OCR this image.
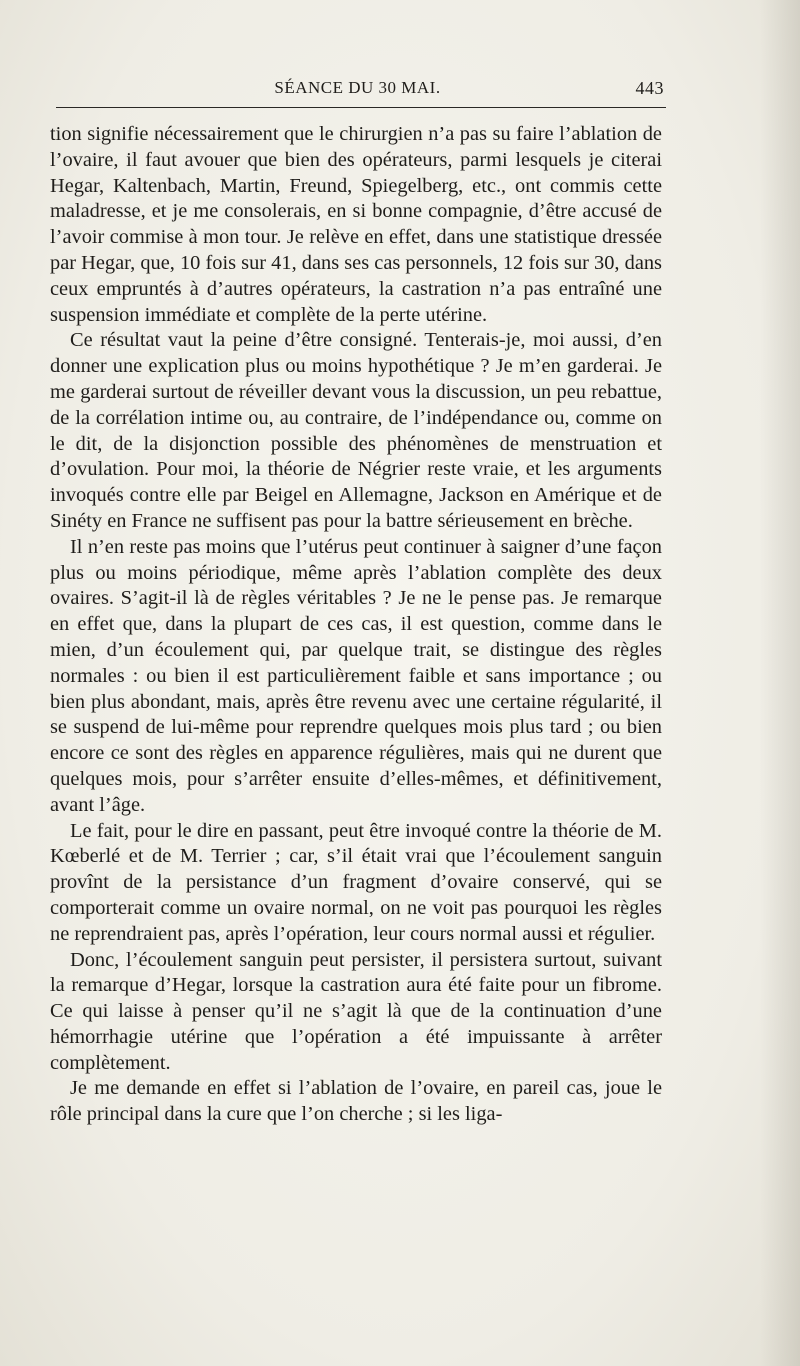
SÉANCE DU 30 MAI.	443

tion signifie nécessairement que le chirurgien n’a pas su faire l’ablation de l’ovaire, il faut avouer que bien des opérateurs, parmi lesquels je citerai Hegar, Kaltenbach, Martin, Freund, Spiegelberg, etc., ont commis cette maladresse, et je me consolerais, en si bonne compagnie, d’être accusé de l’avoir commise à mon tour. Je relève en effet, dans une statistique dressée par Hegar, que, 10 fois sur 41, dans ses cas personnels, 12 fois sur 30, dans ceux empruntés à d’autres opérateurs, la castration n’a pas entraîné une suspension immédiate et complète de la perte utérine.

Ce résultat vaut la peine d’être consigné. Tenterais-je, moi aussi, d’en donner une explication plus ou moins hypothétique ? Je m’en garderai. Je me garderai surtout de réveiller devant vous la discussion, un peu rebattue, de la corrélation intime ou, au contraire, de l’indépendance ou, comme on le dit, de la disjonction possible des phénomènes de menstruation et d’ovulation. Pour moi, la théorie de Négrier reste vraie, et les arguments invoqués contre elle par Beigel en Allemagne, Jackson en Amérique et de Sinéty en France ne suffisent pas pour la battre sérieusement en brèche.

Il n’en reste pas moins que l’utérus peut continuer à saigner d’une façon plus ou moins périodique, même après l’ablation complète des deux ovaires. S’agit-il là de règles véritables ? Je ne le pense pas. Je remarque en effet que, dans la plupart de ces cas, il est question, comme dans le mien, d’un écoulement qui, par quelque trait, se distingue des règles normales : ou bien il est particulièrement faible et sans importance ; ou bien plus abondant, mais, après être revenu avec une certaine régularité, il se suspend de lui-même pour reprendre quelques mois plus tard ; ou bien encore ce sont des règles en apparence régulières, mais qui ne durent que quelques mois, pour s’arrêter ensuite d’elles-mêmes, et définitivement, avant l’âge.

Le fait, pour le dire en passant, peut être invoqué contre la théorie de M. Kœberlé et de M. Terrier ; car, s’il était vrai que l’écoulement sanguin provînt de la persistance d’un fragment d’ovaire conservé, qui se comporterait comme un ovaire normal, on ne voit pas pourquoi les règles ne reprendraient pas, après l’opération, leur cours normal aussi et régulier.

Donc, l’écoulement sanguin peut persister, il persistera surtout, suivant la remarque d’Hegar, lorsque la castration aura été faite pour un fibrome. Ce qui laisse à penser qu’il ne s’agit là que de la continuation d’une hémorrhagie utérine que l’opération a été impuissante à arrêter complètement.

Je me demande en effet si l’ablation de l’ovaire, en pareil cas, joue le rôle principal dans la cure que l’on cherche ; si les liga-
